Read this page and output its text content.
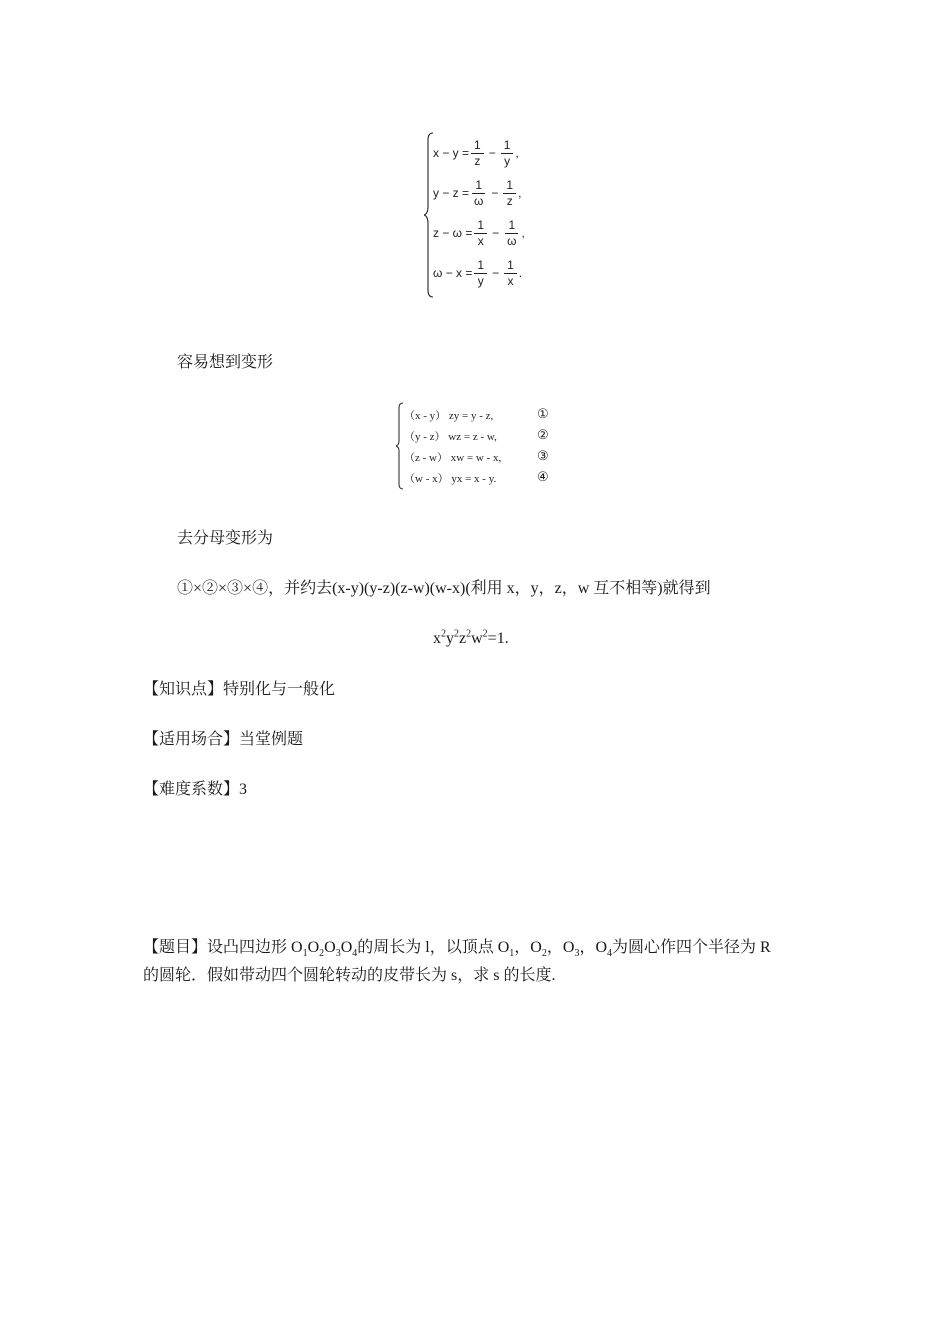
$x - y = \frac{1}{z} - \frac{1}{y}$ ,
$y - z = \frac{1}{\omega} - \frac{1}{z}$ ,
$z - \omega = \frac{1}{x} - \frac{1}{\omega}$ ,
$\omega - x = \frac{1}{y} - \frac{1}{x}$ .
容易想到变形
（x - y） zy = y - z,
（y - z） wz = z - w,
（z - w） xw = w - x,
（w - x） yx = x - y.
①
②
③
④
去分母变形为
①×②×③×④，并约去(x-y)(y-z)(z-w)(w-x)(利用 x，y，z，w 互不相等)就得到
$x^2y^2z^2w^2=1$.
【知识点】特别化与一般化
【适用场合】当堂例题
【难度系数】3
【题目】设凸四边形 $O_1O_2O_3O_4$的周长为 l，以顶点 $O_1$，$O_2$，$O_3$，$O_4$为圆心作四个半径为 R
的圆轮．假如带动四个圆轮转动的皮带长为 s，求 s 的长度.
